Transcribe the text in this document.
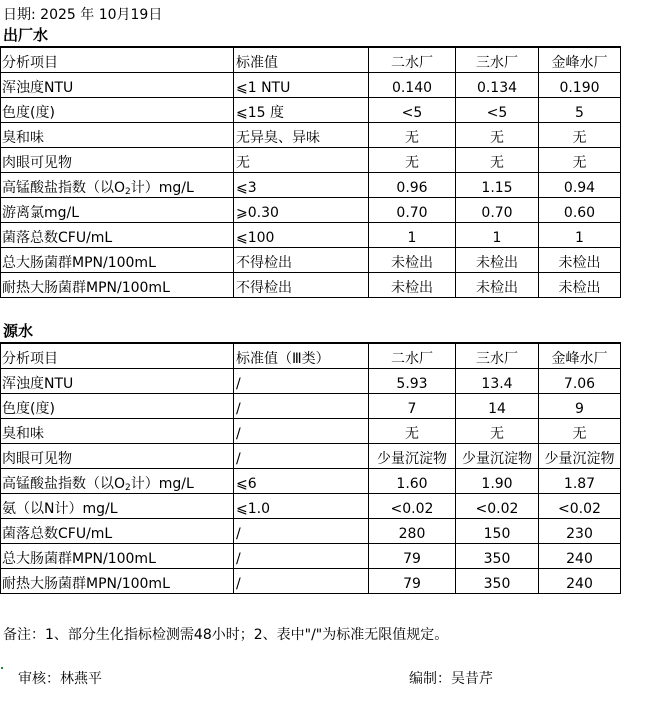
日期: 2025 年 10月19日
出厂水
分析项目	标准值	二水厂	三水厂	金峰水厂
浑浊度NTU	⩽1 NTU	0.140	0.134	0.190
色度(度)	⩽15 度	<5	<5	5
臭和味	无异臭、异味	无	无	无
肉眼可见物	无	无	无	无
高锰酸盐指数（以$O_2$计）mg/L	⩽3	0.96	1.15	0.94
游离氯mg/L	⩾0.30	0.70	0.70	0.60
菌落总数CFU/mL	⩽100	1	1	1
总大肠菌群MPN/100mL	不得检出	未检出	未检出	未检出
耐热大肠菌群MPN/100mL	不得检出	未检出	未检出	未检出
源水
分析项目	标准值（Ⅲ类）	二水厂	三水厂	金峰水厂
浑浊度NTU	/	5.93	13.4	7.06
色度(度)	/	7	14	9
臭和味	/	无	无	无
肉眼可见物	/	少量沉淀物	少量沉淀物	少量沉淀物
高锰酸盐指数（以$O_2$计）mg/L	⩽6	1.60	1.90	1.87
氨（以N计）mg/L	⩽1.0	<0.02	<0.02	<0.02
菌落总数CFU/mL	/	280	150	230
总大肠菌群MPN/100mL	/	79	350	240
耐热大肠菌群MPN/100mL	/	79	350	240
备注：1、部分生化指标检测需48小时；2、表中"/"为标准无限值规定。
审核：林燕平	编制：吴昔芹
